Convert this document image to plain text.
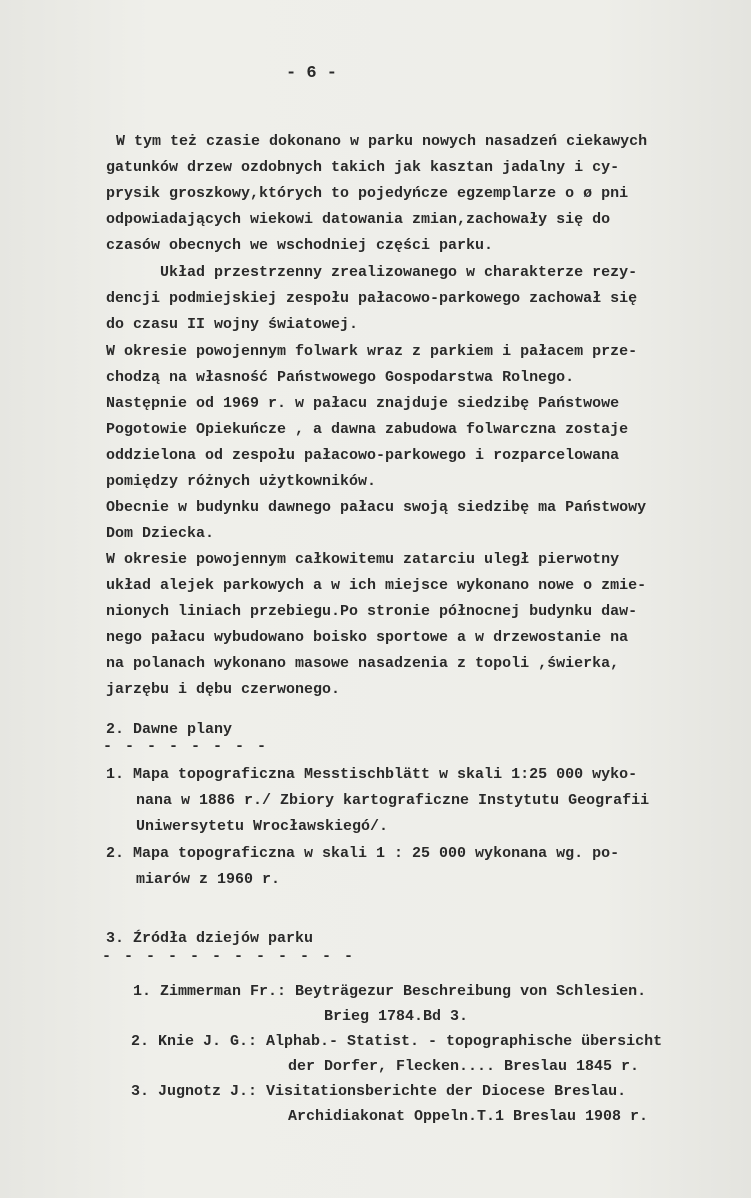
- 6 -
W tym też czasie dokonano w parku nowych nasadzeń ciekawych
gatunków drzew ozdobnych takich jak kasztan jadalny i cy-
prysik groszkowy,których to pojedyńcze egzemplarze o ø pni
odpowiadających wiekowi datowania zmian,zachowały się do
czasów obecnych we wschodniej części parku.
Układ przestrzenny zrealizowanego w charakterze rezy-
dencji podmiejskiej zespołu pałacowo-parkowego zachował się
do czasu II wojny światowej.
W okresie powojennym folwark wraz z parkiem i pałacem prze-
chodzą na własność Państwowego Gospodarstwa Rolnego.
Następnie od 1969 r. w pałacu znajduje siedzibę Państwowe
Pogotowie Opiekuńcze , a dawna zabudowa folwarczna zostaje
oddzielona od zespołu pałacowo-parkowego i rozparcelowana
pomiędzy różnych użytkowników.
Obecnie w budynku dawnego pałacu swoją siedzibę ma Państwowy
Dom Dziecka.
W okresie powojennym całkowitemu zatarciu uległ pierwotny
układ alejek parkowych a w ich miejsce wykonano nowe o zmie-
nionych liniach przebiegu.Po stronie północnej budynku daw-
nego pałacu wybudowano boisko sportowe a w drzewostanie na
na polanach wykonano masowe nasadzenia z topoli ,świerka,
jarzębu i dębu czerwonego.
2. Dawne plany
- - - - - - - -
1. Mapa topograficzna Messtischblätt w skali 1:25 000 wyko-
nana w 1886 r./ Zbiory kartograficzne Instytutu Geografii
Uniwersytetu Wrocławskiegó/.
2. Mapa topograficzna w skali 1 : 25 000 wykonana wg. po-
miarów z 1960 r.
3. Źródła dziejów parku
- - - - - - - - - - - -
1. Zimmerman Fr.: Beyträgezur Beschreibung von Schlesien.
Brieg 1784.Bd 3.
2. Knie J. G.: Alphab.- Statist. - topographische übersicht
der Dorfer, Flecken.... Breslau 1845 r.
3. Jugnotz J.: Visitationsberichte der Diocese Breslau.
Archidiakonat Oppeln.T.1 Breslau 1908 r.
